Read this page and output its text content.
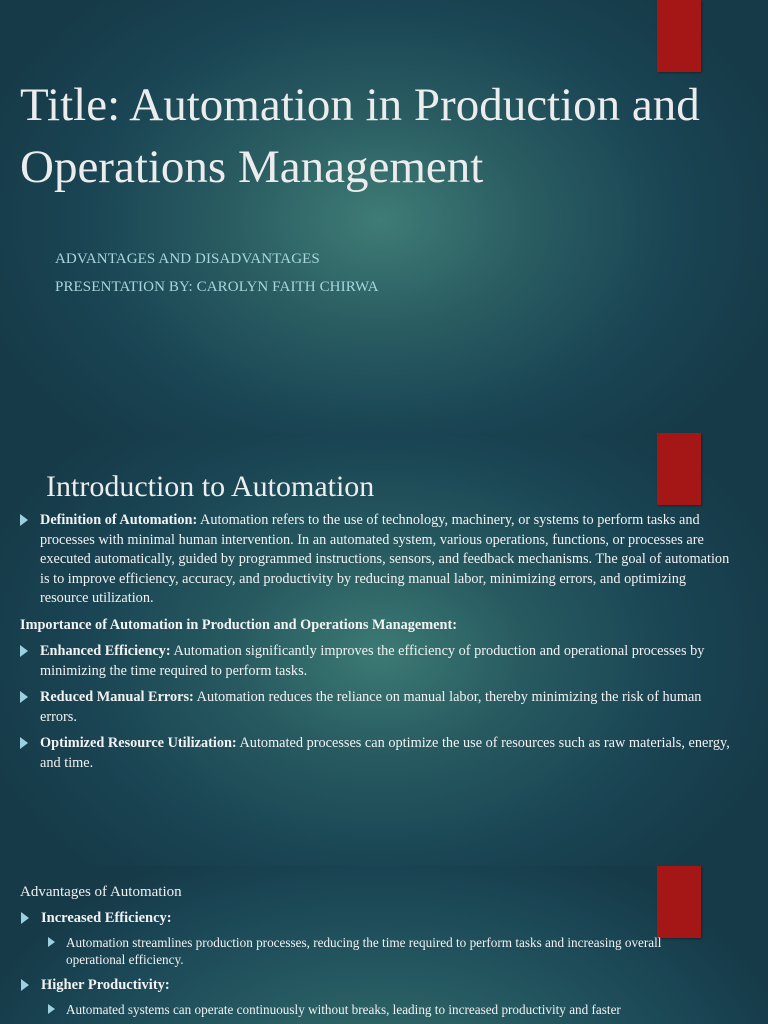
Title: Automation in Production and Operations Management
ADVANTAGES AND DISADVANTAGES
PRESENTATION BY: CAROLYN FAITH CHIRWA
Introduction to Automation
Definition of Automation: Automation refers to the use of technology, machinery, or systems to perform tasks and processes with minimal human intervention. In an automated system, various operations, functions, or processes are executed automatically, guided by programmed instructions, sensors, and feedback mechanisms. The goal of automation is to improve efficiency, accuracy, and productivity by reducing manual labor, minimizing errors, and optimizing resource utilization.
Importance of Automation in Production and Operations Management:
Enhanced Efficiency: Automation significantly improves the efficiency of production and operational processes by minimizing the time required to perform tasks.
Reduced Manual Errors: Automation reduces the reliance on manual labor, thereby minimizing the risk of human errors.
Optimized Resource Utilization: Automated processes can optimize the use of resources such as raw materials, energy, and time.
Advantages of Automation
Increased Efficiency:
Automation streamlines production processes, reducing the time required to perform tasks and increasing overall operational efficiency.
Higher Productivity:
Automated systems can operate continuously without breaks, leading to increased productivity and faster
